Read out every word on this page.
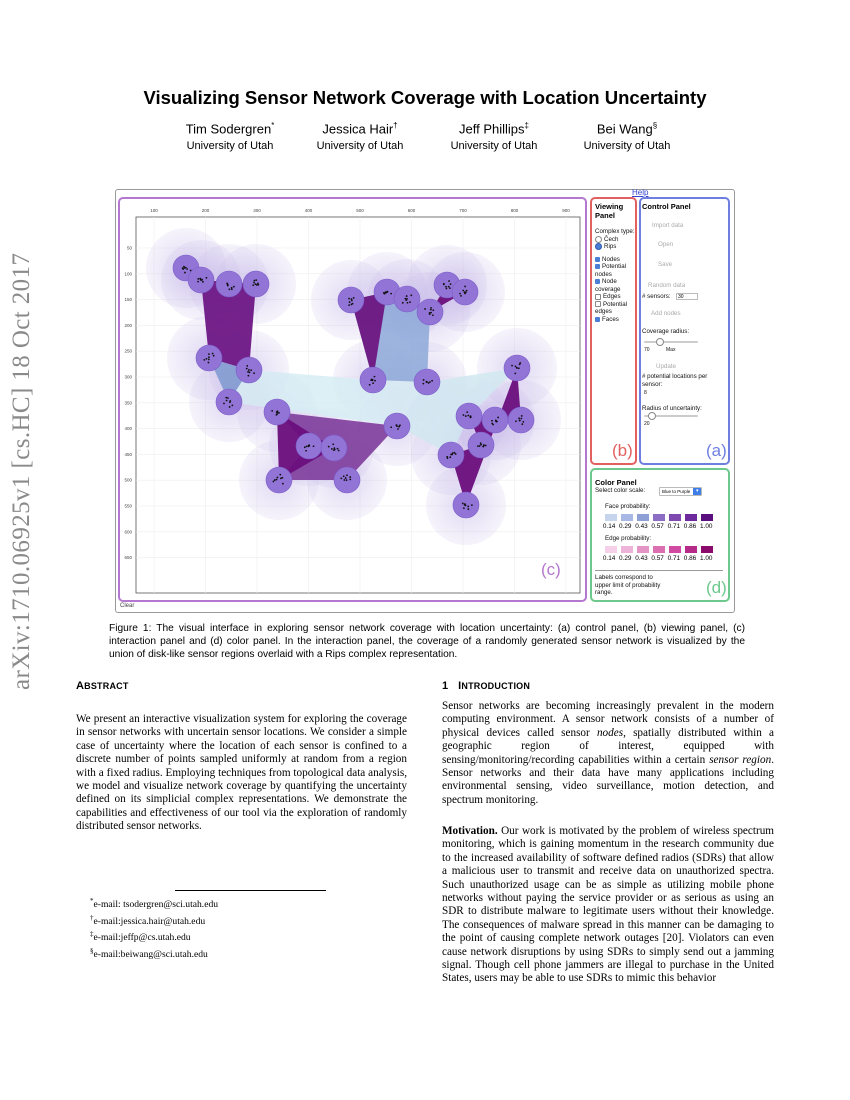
arXiv:1710.06925v1 [cs.HC] 18 Oct 2017
Visualizing Sensor Network Coverage with Location Uncertainty
Tim Sodergren*
University of Utah
Jessica Hair†
University of Utah
Jeff Phillips‡
University of Utah
Bei Wang§
University of Utah
Help
100	200	300	400	500	600	700	800	900
50
100
150
200
250
300
350
400
450
500
550
600
650
(c)
Clear
Viewing Panel
Complex type:
Čech
Rips
Nodes
Potential nodes
Node coverage
Edges
Potential edges
Faces
(b)
Control Panel
Import data
Open
Save
Random data
# sensors:	30
Add nodes
Coverage radius:
70	Max
Update
# potential locations per sensor:
8
Radius of uncertainty:
20
(a)
Color Panel
Select color scale:	Blue to Purple	▾
Face probability:
0.14 0.29 0.43 0.57 0.71 0.86 1.00
Edge probability:
0.14 0.29 0.43 0.57 0.71 0.86 1.00
Labels correspond to upper limit of probability range.	(d)
Figure 1: The visual interface in exploring sensor network coverage with location uncertainty: (a) control panel, (b) viewing panel, (c) interaction panel and (d) color panel. In the interaction panel, the coverage of a randomly generated sensor network is visualized by the union of disk-like sensor regions overlaid with a Rips complex representation.
ABSTRACT
We present an interactive visualization system for exploring the coverage in sensor networks with uncertain sensor locations. We consider a simple case of uncertainty where the location of each sensor is confined to a discrete number of points sampled uniformly at random from a region with a fixed radius. Employing techniques from topological data analysis, we model and visualize network coverage by quantifying the uncertainty defined on its simplicial complex representations. We demonstrate the capabilities and effectiveness of our tool via the exploration of randomly distributed sensor networks.
*e-mail: tsodergren@sci.utah.edu
†e-mail:jessica.hair@utah.edu
‡e-mail:jeffp@cs.utah.edu
§e-mail:beiwang@sci.utah.edu
1 INTRODUCTION
Sensor networks are becoming increasingly prevalent in the modern computing environment. A sensor network consists of a number of physical devices called sensor nodes, spatially distributed within a geographic region of interest, equipped with sensing/monitoring/recording capabilities within a certain sensor region. Sensor networks and their data have many applications including environmental sensing, video surveillance, motion detection, and spectrum monitoring.
Motivation. Our work is motivated by the problem of wireless spectrum monitoring, which is gaining momentum in the research community due to the increased availability of software defined radios (SDRs) that allow a malicious user to transmit and receive data on unauthorized spectra. Such unauthorized usage can be as simple as utilizing mobile phone networks without paying the service provider or as serious as using an SDR to distribute malware to legitimate users without their knowledge. The consequences of malware spread in this manner can be damaging to the point of causing complete network outages [20]. Violators can even cause network disruptions by using SDRs to simply send out a jamming signal. Though cell phone jammers are illegal to purchase in the United States, users may be able to use SDRs to mimic this behavior
